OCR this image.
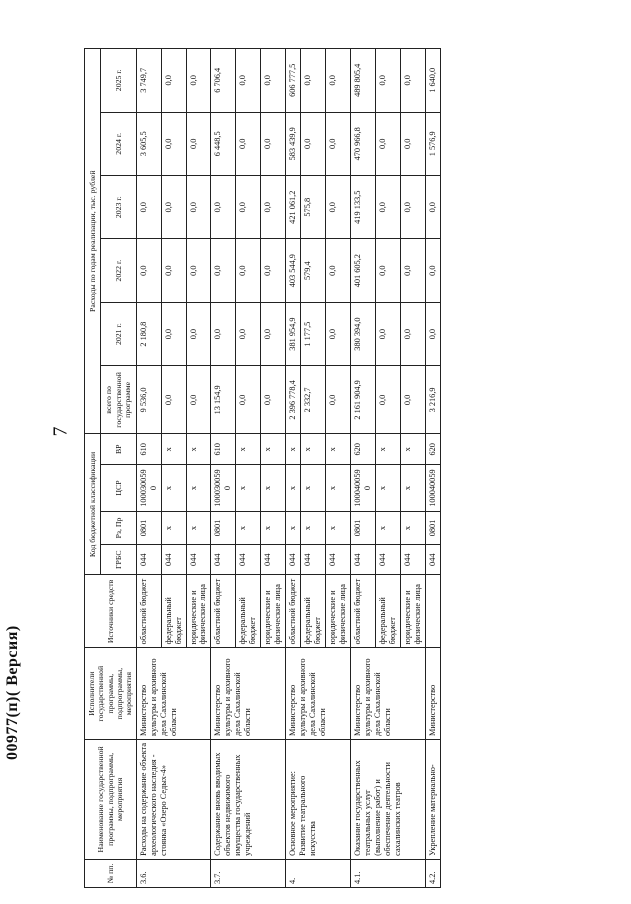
7
№ пп.	Наименование государственной программы, подпрограммы, мероприятия	Исполнители государственной программы, подпрограммы, мероприятия	Источники средств	Код бюджетной классификации				Расходы по годам реализации, тыс. рублей					
				ГРБС	Рз, Пр	ЦСР	ВР	всего по государственной программе	2021 г.	2022 г.	2023 г.	2024 г.	2025 г.
3.6.	Расходы на содержание объекта археологического наследия - стоянка «Озеро Седых-4»	Министерство культуры и архивного дела Сахалинской области	областной бюджет	044	0801	1000300590	610	9 536,0	2 180,8	0,0	0,0	3 605,5	3 749,7
			федеральный бюджет	044	х	х	х	0,0	0,0	0,0	0,0	0,0	0,0
			юридические и физические лица	044	х	х	х	0,0	0,0	0,0	0,0	0,0	0,0
3.7.	Содержание вновь вводимых объектов недвижимого имущества государственных учреждений	Министерство культуры и архивного дела Сахалинской области	областной бюджет	044	0801	1000300590	610	13 154,9	0,0	0,0	0,0	6 448,5	6 706,4
			федеральный бюджет	044	х	х	х	0,0	0,0	0,0	0,0	0,0	0,0
			юридические и физические лица	044	х	х	х	0,0	0,0	0,0	0,0	0,0	0,0
4.	Основное мероприятие: Развитие театрального искусства	Министерство культуры и архивного дела Сахалинской области	областной бюджет	044	х	х	х	2 396 778,4	381 954,9	403 544,9	421 061,2	583 439,9	606 777,5
			федеральный бюджет	044	х	х	х	2 332,7	1 177,5	579,4	575,8	0,0	0,0
			юридические и физические лица	044	х	х	х	0,0	0,0	0,0	0,0	0,0	0,0
4.1.	Оказание государственных театральных услуг (выполнение работ) и обеспечение деятельности сахалинских театров	Министерство культуры и архивного дела Сахалинской области	областной бюджет	044	0801	1000400590	620	2 161 904,9	380 394,0	401 605,2	419 133,5	470 966,8	489 805,4
			федеральный бюджет	044	х	х	х	0,0	0,0	0,0	0,0	0,0	0,0
			юридические и физические лица	044	х	х	х	0,0	0,0	0,0	0,0	0,0	0,0
4.2.	Укрепление материально-	Министерство		044	0801	100040059	620	3 216,9	0,0	0,0	0,0	1 576,9	1 640,0
00977(п)( Версия)
